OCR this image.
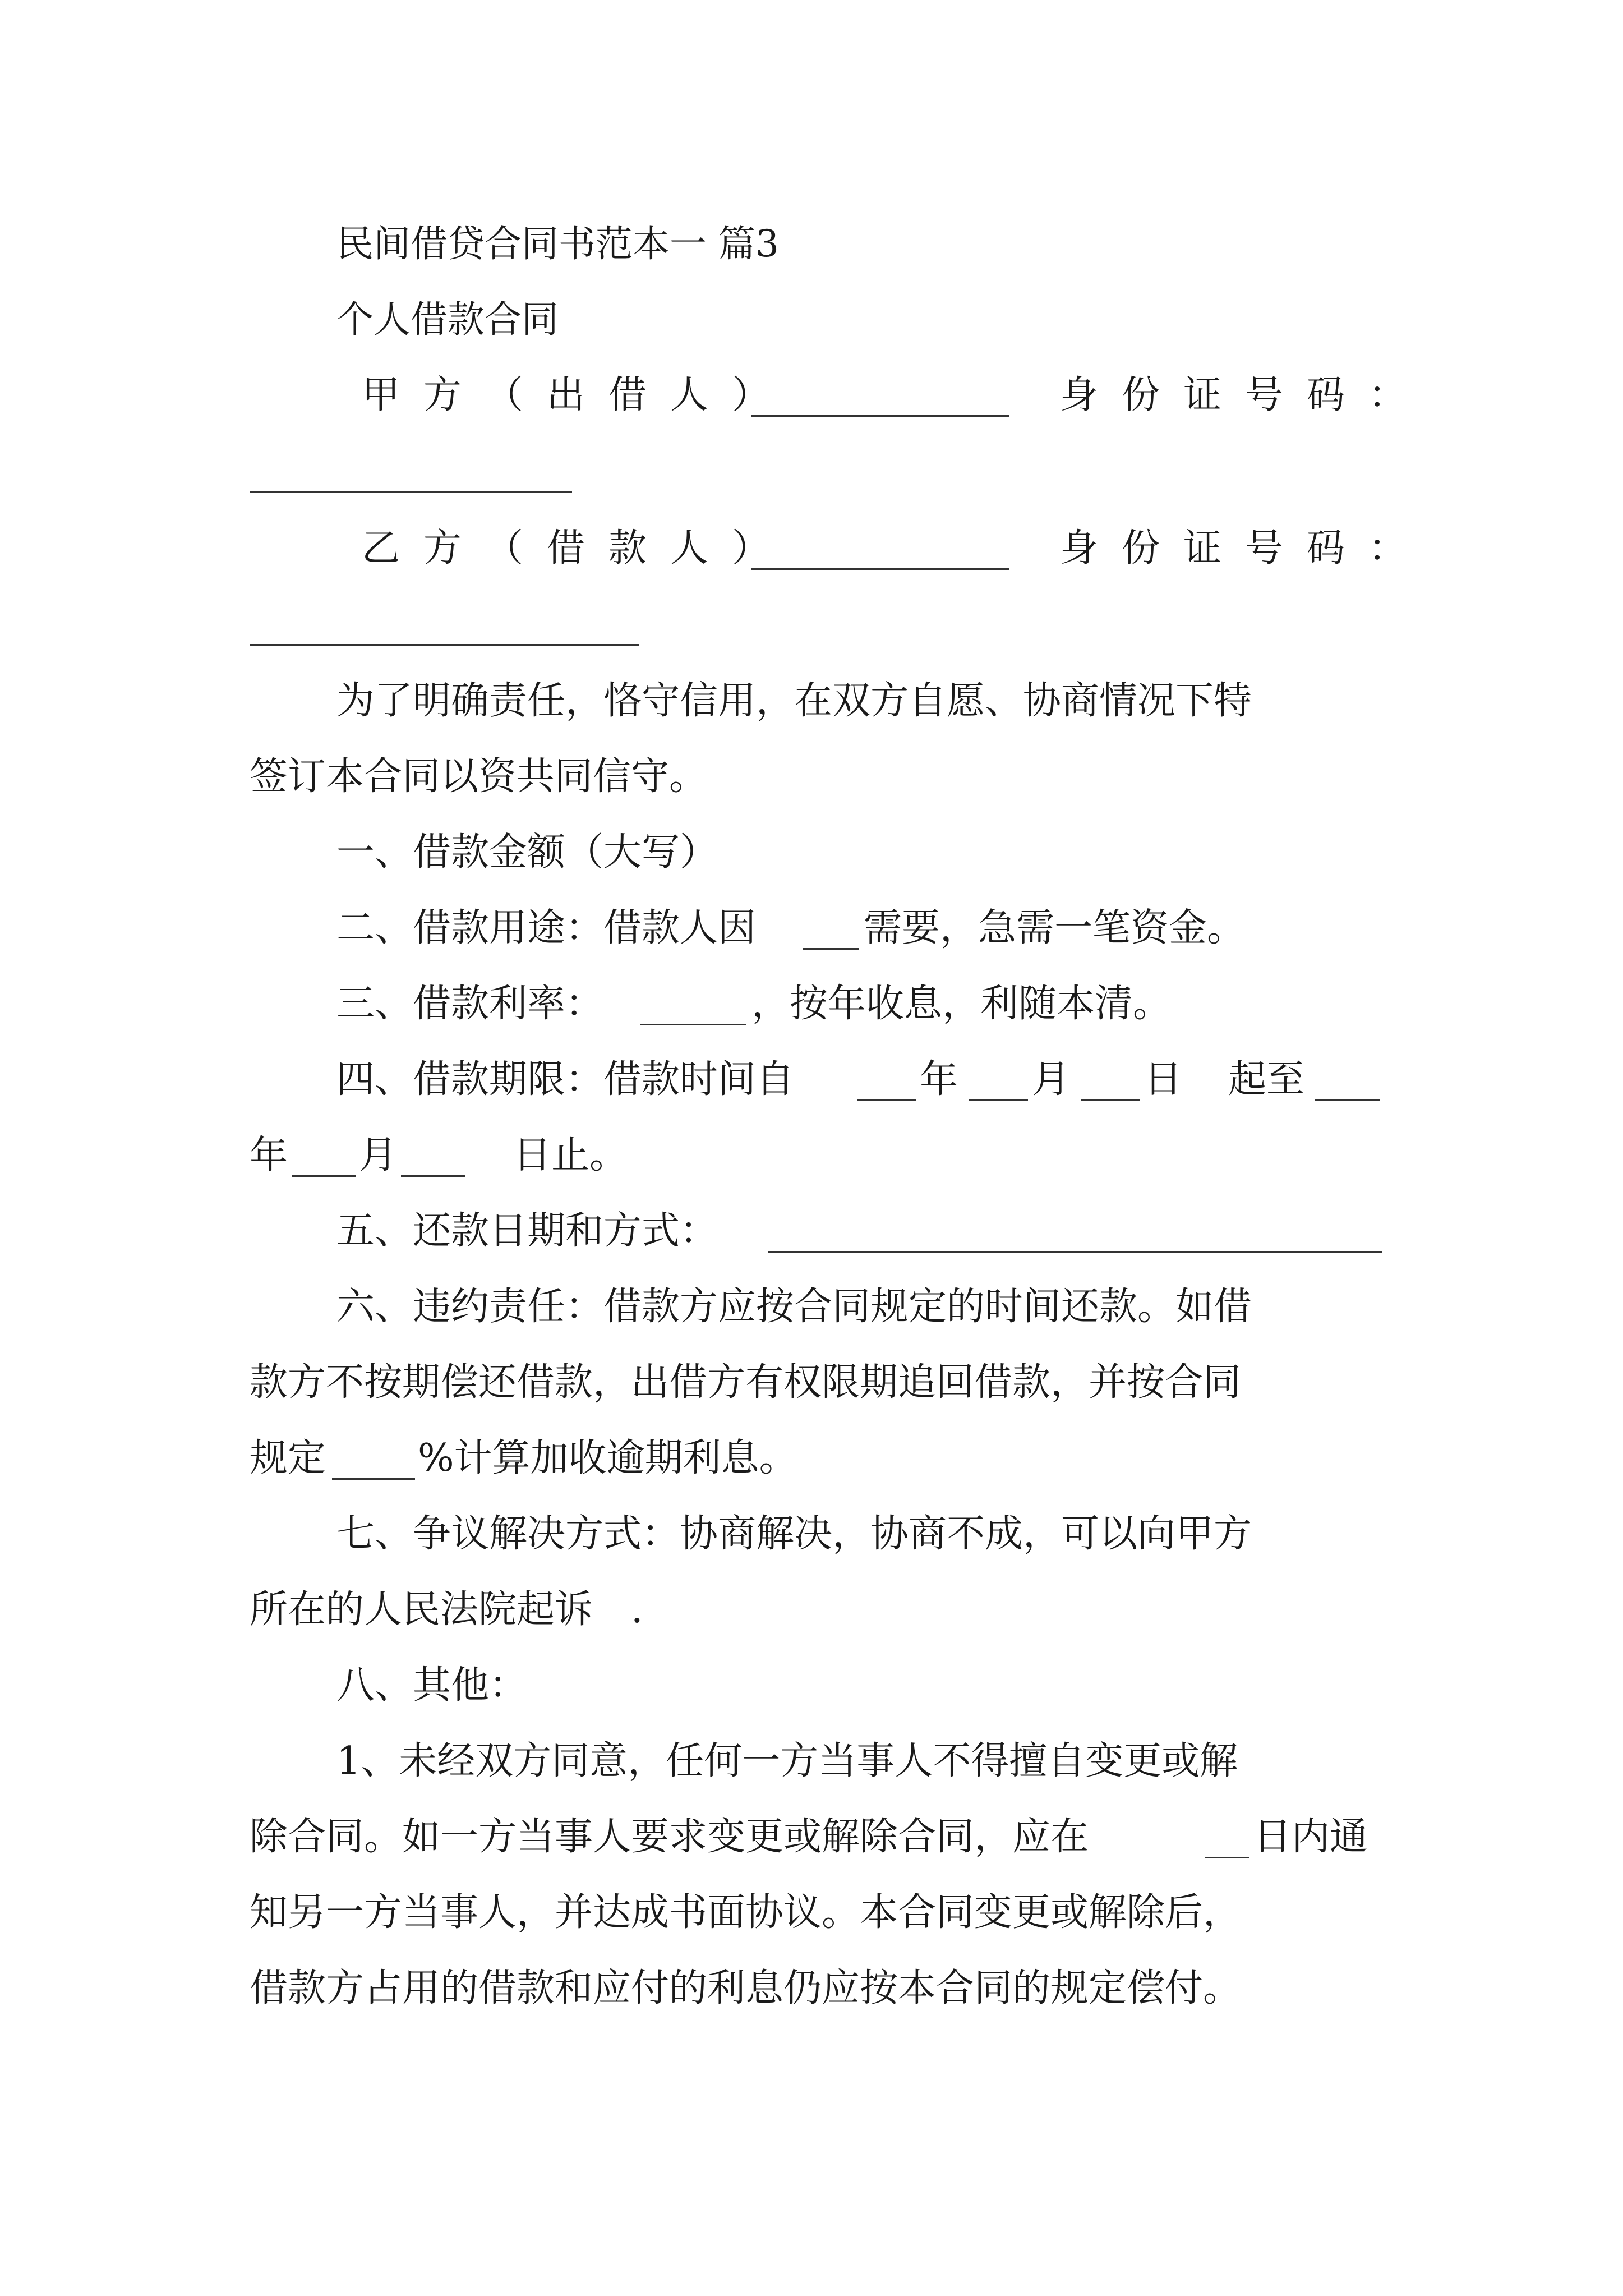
民间借贷合同书范本一 篇3
个人借款合同
甲方（出借人）	身份证号码：
乙方（借款人）	身份证号码：
为了明确责任，恪守信用，在双方自愿、协商情况下特
签订本合同以资共同信守。
一、借款金额（大写）
二、借款用途：借款人因	需要，急需一笔资金。
三、借款利率：	，按年收息，利随本清。
四、借款期限：借款时间自	年 月 日 起至
年 月	日止。
五、还款日期和方式：
六、违约责任：借款方应按合同规定的时间还款。如借
款方不按期偿还借款，出借方有权限期追回借款，并按合同
规定 %计算加收逾期利息。
七、争议解决方式：协商解决，协商不成，可以向甲方
所在的人民法院起诉　.
八、其他：
1、未经双方同意，任何一方当事人不得擅自变更或解
除合同。如一方当事人要求变更或解除合同，应在	日内通
知另一方当事人，并达成书面协议。本合同变更或解除后，
借款方占用的借款和应付的利息仍应按本合同的规定偿付。
